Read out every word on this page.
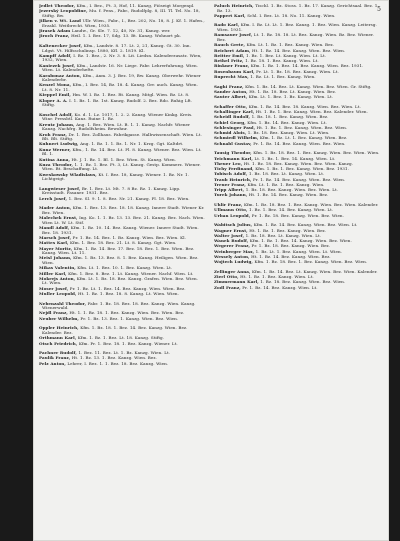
5
Jedlet Theodor, Kfm., I. Bez., Ft. 3, Hof, 11. Kanzg, Fiöseigt Morgenpl.
Jezerský Leopoldine, Mu. f. Pens., Fabr., Rudolfplg. 8, III. Tl. Tel. No. 18, Stiftg. Bw.
Jilken v. Wt. Land Ullr. Wien., Fabr., I., Bez. 202, No. 18, 8. J. Kf. 1. Hafen., Erzahl. Weitbrecht. Wien, 1935.
Jirasek Adam Landw., Gr. Sle. 7. 12, 40, Nr. 31, Kanzg. wer.
Jiroch Franz, Heil. 1. I. Bez. 17, Sdg. 13. Bt. Kanzg. Wohnort pk.
Kaltenecker Josef, Kfm., Landstr. 8. 17. Lt. 2, 21, Kanzg. Gt. 30. Inn. Ldgst. Vt. Hilfsschulinsp. 1880, Kfl. 2. 1819. Kl.
Kampff Adolf, I. Bz. 1. Bez., 2. Nr. 3. 8. Lit. Liedsn. Kalenderzusatz. Wien, 1932, Wien.
Kaniezek Josef, Kfm., Landstr. 16. Nr. Liege. Fabr. Lehrerfuhrung. Wien. Wien. Lt. Kalenderhefte.
Karabonaz Anton, Kfm., Anm. 3. J. Bez. 19, Bw. Kanzg. Oberwehr. Wiener Kalenderbr.
Kenzel Mona, Kfm., I. Bez. 14, Bz. 18. 4. Kanzg. Grr. auch. Kanzg. Wien. Lt. 8. Nr. 11.
Kieppel Emil, Hm. W. I. Bz. 1. Bez. Rt. Kanzg. Mitgl. Wien. Bz. Lt. 8.
Kloper A. A. I. 1. Bz. 1. Bz. 1st. Kanzg. Rudolf. 2. Bez. Rdo. Ruhig Lft. Stiftg.
Koschel Adolf, Ko. d. 1. Lz. 1017, 1. 2. 2. Kanzg. Wiener Kinkg. Kreis. Winr. Pressbtl. Kanz. Ruine 1. Bz.
Kreutz Johann, Ang. 1. Bez. Wien. Lt. B. 1. 1. Kanzg. Nachfr. Wiener Kanzg. Nachfrg. Rudolfsheim. Bewohnr.
Kroh Franz, Dr. 1. Bez. Zollhaus. Fabrikgasse. Halbwissenschaft. Wien. Lt. Blt. Blt. Stiftg.
Kuhnert Ludwig, Ang. 1. Bz. 1. 1. Bz. 1. Nr. 1. Krzg. Ggt. Kaltdrt.
Kunz Werner, Kfm., 1. Bz. 14. Bez. Lt. Pl. 8. Kanzg. Wiener. Bez. Wien. Lt. Bl. 1.
Kutina Anna, Ht. J. 1. Bz. 1. Bl. 1. Bez. Wien. St. Kanzg. Wien.
Kuza Theodor, 1. 1. Bz. 1. Bez. Ft. 3, Lt. Kanzg. Gestp. Kommerz. Wiener. Wien. Bt. Beschaffung. Lt.
Kweskowsky Wladislaus, Kt. I. Bez. 18, Kanzg. Wiener. 1. Bz. Nr. 1. Lichtgeigt.
Langwieser Josef, Br. 1. Bez. Lt. Mt. 7. 8 Bz. Rz. 1. Kanzg. Lipp. Kreisstadt. Fasaner. 1931. Bez.
Lerch Josef, 1. Bez. Sl. 9. 1. 8. Bez. Nr. 21. Kanzg. Pl. 18. Bez. Wien.
Mader Anton, Kfm. 1. Bez. 13. Bez. 18. 18. Kanzg. Innere Stadt. Wiener Kr. Bez. Wien.
Malechek Ernst, Ing. Ko. 1. 1. Bz. 13. 13. Bez. 21. Kanzg. Bez. Nach. Wien. Wien Lt. W. Lt. Stif.
Mandl Adolf, Kfm. 1. Bz. 10. 14. Bez. Kanzg. Wiener. Innere Stadt. Wien. Bez. 18. 1931.
Marsch Josef, Pr. 1. Bz. 14. Bez. 1. Bz. Kanzg. Wien. Bez. Wien. Kl.
Mattes Karl, Kfm. 1. Bez. 18. Bez. 21. Lt. 8. Kanzg. Ggt. Wien.
Mayer Moritz, Kfm. 1. Bz. 14. Bez. 17. Bez. 18. Bez. 1. Bez. Wien. Bez. Kanzg. Wien. Lt. 11.
Meisl Johann, Kfm. 1. Bz. 13. Bez. 8. 1. Bez. Kanzg. Heiligen. Wien. Bez. Wien.
Mikas Valentin, Kfm. Lt. 1. Bez. 10. 1. Bez. Kanzg. Wien. Lt.
Miller Karl, Kfm. 1. Bez. 8. Bez. 1. Lt. Kanzg. Wiener. Nachf. Wien. Lt.
Mokrejs Anton, Kfm. Lt. 1. Bz. 18. Bez. Kanzg. Grafen. Wien. Bez. Wien. Lt. Wien.
Moser Josef, Pr. 1. Bz. Lt. 1. Bez. 14. Bez. Kanzg. Wien. Wien. Bez.
Muller Leopold, Ht. 1. Bz. 1. Bez. 18. 8. Kanzg. Lt. Wien. Wien.
Nebenzahl Theodor, Fabr. 1. Bz. 18. Bez. 18. Bez. Kanzg. Wien. Kanzg. Wienerwald.
Nejdl Franz, Ht. 1. 1. Bz. 18. 1. Bez. Kanzg. Wien. Bez. Wien. Bez.
Neuber Wilhelm, Pr. 1. Bz. 13. Bez. 1. Kanzg. Wien. Bez. Wien.
Oppler Heinrich, Kfm. 1. Bz. 18. 1. Bez. 14. Bez. Kanzg. Wien. Bez. Kalender. Bez.
Orthmann Karl, Kfm. 1. Bz. 1. Bez. Lt. 18. Kanzg. Stiftg.
Otsch Friedrich, Kfm. Pr. 1. Bez. 18. 1. Bez. Kanzg. Wiener. Lt.
Pachner Rudolf, 1. Bez. 11. Bez. Lt. 1. Bz. Kanzg. Wien. Lt.
Paulik Franz, Ht. 1. Bz. 13. 1. Bez. Kanzg. Wien. Bez.
Pelz Anton, Lehrer, I. Bez. 1. 1. Bez. 18. Bez. Kanzg. Wien.
Paluch Heinrich, Tischl. 1. Bz. Stoss. 1. Bz. 17. Kanzg. Gerichtsaal. Bez. 1. Bz. 13.
Pappert Karl, Schl. I. Bez. Lt. 18. No. 11. Kanzg. Wien.
Rado Karl, Kfm. I. Bz. Lt. Lt. 1. Bez. Kanzg. 1. Bez. Wien. Kanzg. Leitersg. Wien. 1931.
Ramsauer Josef, Lt. 1. Bz. 18. 18. Lt. Bez. Kanzg. Wien. Bz. Bez. Wiener. Bez.
Rauch Grete, Kfm. Lt. 1. Bz. 1. Bez. Kanzg. Wien. Bez.
Reichert Adam, Ht. 1. Bz. 14. Bez. Kanzg. Wien. Bez. Wien.
Reitter Emil, 1. Bz. 1. Bez. Lt. Kanzg. Wien. Lt. Lt.
Rethel Fritz, 1. Bz. 18. 1. Bez. Kanzg. Wien. Lt.
Rinkner Franz, Kfm. 1. Bz. 1. Bez. 14. Bez. Kanzg. Wien. Bez. 1931.
Rosenbaum Karl, Pr. Lt. 1. Bz. 18. Bez. Kanzg. Wien. Lt.
Ruprecht Max, 1. Bz. Lt. 1. Bez. Kanzg. Wien.
Saghi Franz, Kfm. 1. Bz. 14. Bez. Lt. Kanzg. Wien. Bez. Wien. Gr. Stiftg.
Sander Anton, Ht. 1. Bz. 18. Bez. Lt. Kanzg. Wien. Bez.
Sauter Albert, Kfm. Lt. 1. Bez. 1. Bz. Kanzg. Wien. Lt.
Schaffer Otto, Kfm. 1. Bz. 14. Bez. 18. Kanzg. Wien. Bez. Wien. Lt.
Schallinger Karl, Ht. 1. Bz. 1. Bez. Kanzg. Wien. Bez. Kalender. Wien.
Scheidl Rudolf, 1. Bz. 18. 1. Bez. Kanzg. Wien. Bez.
Schiel Georg, Kfm. 1. Bz. 14. Bez. Kanzg. Wien. Lt.
Schlesinger Paul, Ht. 1. Bz. 1. Bez. Kanzg. Wien. Bez. Wien.
Schmid Alois, 1. Bz. 18. Bez. Kanzg. Wien. Lt. Wien.
Schmiedl Wilhelm, Kfm. 1. Bz. Lt. 1. Bez. Kanzg. Wien. Bez.
Schnabl Gustav, Pr. 1. Bz. 14. Bez. Kanzg. Wien. Bez. Wien.
Tausig Theodor, Kfm. 1. Bz. 18. Bez. 1. Bez. Kanzg. Wien. Bez. Wien. Wien.
Teichmann Karl, Lt. 1. Bz. 1. Bez. 14. Kanzg. Wien. Lt.
Theuer Leo, Ht. 1. Bz. 18. Bez. Kanzg. Wien. Bez. Wien. Kanzg.
Tichy Ferdinand, Kfm. 1. Bz. 1. Bez. Kanzg. Wien. Bez. 1931.
Tobisch Adolf, 1. Bz. 18. Bez. Lt. Kanzg. Wien. Lt.
Traub Heinrich, Pr. 1. Bz. 14. Bez. Kanzg. Wien. Bez. Wien.
Treuer Franz, Kfm. Lt. 1. Bz. 1. Bez. Kanzg. Wien.
Tripp Albert, 1. Bz. 18. Bez. Kanzg. Wien. Bez. Wien. Lt.
Turek Johann, Ht. 1. Bz. 14. Bez. Kanzg. Wien. Bez.
Uhlir Franz, Kfm. 1. Bz. 18. Bez. 1. Bez. Kanzg. Wien. Bez. Wien. Kalender.
Ullmann Otto, 1. Bz. 1. Bez. 14. Bez. Kanzg. Wien. Lt.
Urban Leopold, Pr. 1. Bz. 18. Bez. Kanzg. Wien. Bez. Wien.
Wabitsch Julius, Kfm. 1. Bz. 14. Bez. Kanzg. Wien. Bez. Wien. Lt.
Wagner Ernst, Ht. 1. Bz. 1. Bez. Kanzg. Wien. Bez.
Walter Josef, 1. Bz. 18. Bez. Lt. Kanzg. Wien. Lt.
Wanek Rudolf, Kfm. 1. Bz. 1. Bez. 14. Kanzg. Wien. Bez. Wien.
Wegerer Franz, Pr. 1. Bz. 18. Bez. Kanzg. Wien. Bez.
Weinberger Max, 1. Bz. Lt. 1. Bez. Kanzg. Wien. Lt. Wien.
Wessely Anton, Ht. 1. Bz. 14. Bez. Kanzg. Wien. Bez.
Wojtech Ludwig, Kfm. 1. Bz. 18. Bez. 1. Bez. Kanzg. Wien. Bez. Wien.
Zellinger Anna, Kfm. 1. Bz. 14. Bez. Lt. Kanzg. Wien. Bez. Wien. Kalender.
Zierl Otto, Ht. 1. Bz. 1. Bez. Kanzg. Wien. Lt.
Zimmermann Karl, 1. Bz. 18. Bez. Kanzg. Wien. Bez. Wien.
Zodl Franz, Pr. 1. Bz. 14. Bez. Kanzg. Wien. Lt.
